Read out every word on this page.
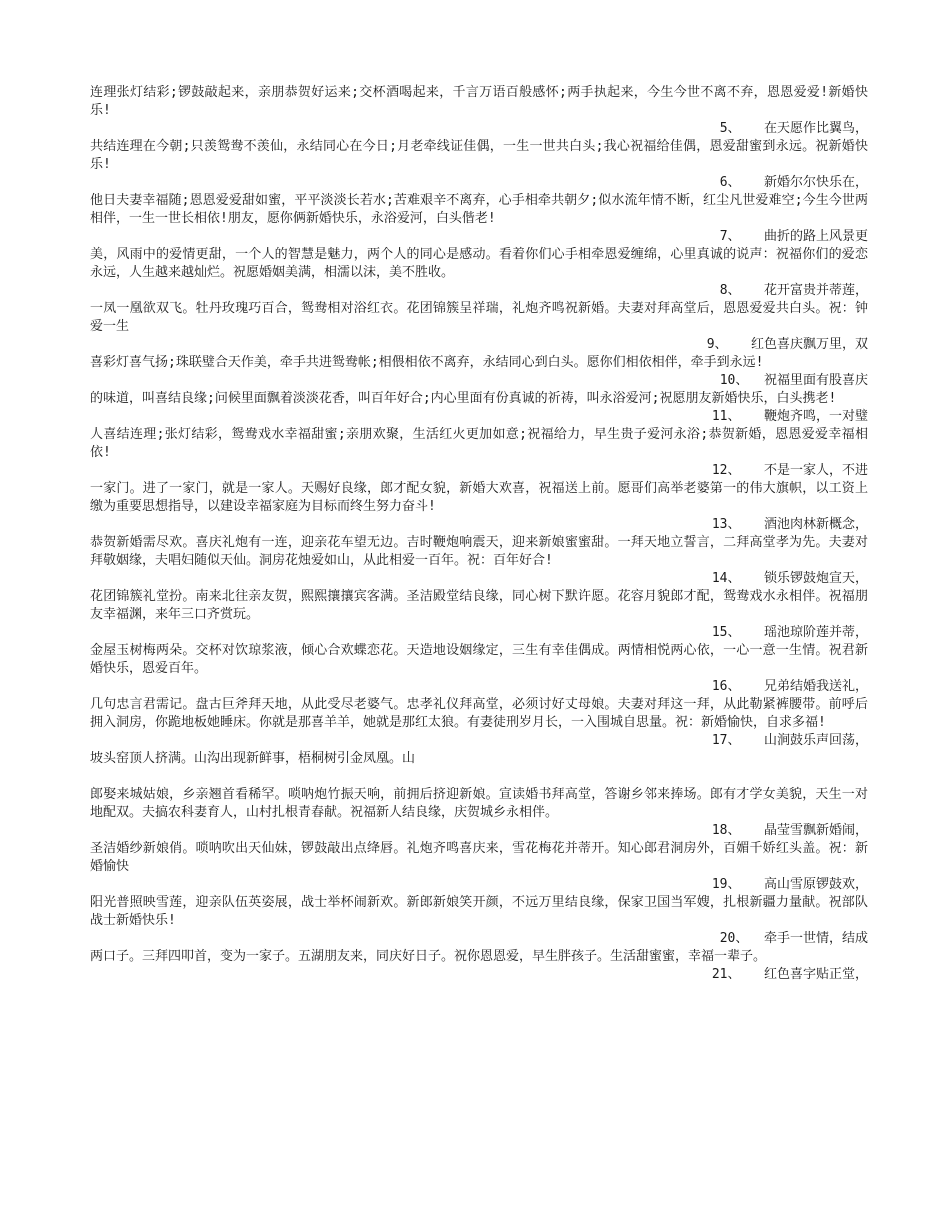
连理张灯结彩;锣鼓敲起来，亲朋恭贺好运来;交杯酒喝起来，千言万语百般感怀;两手执起来，今生今世不离不弃，恩恩爱爱!新婚快乐!

5、   在天愿作比翼鸟，

共结连理在今朝;只羡鸳鸯不羡仙，永结同心在今日;月老牵线证佳偶，一生一世共白头;我心祝福给佳偶，恩爱甜蜜到永远。祝新婚快乐!

6、   新婚尔尔快乐在，

他日夫妻幸福随;恩恩爱爱甜如蜜，平平淡淡长若水;苦难艰辛不离弃，心手相牵共朝夕;似水流年情不断，红尘凡世爱难空;今生今世两相伴，一生一世长相依!朋友，愿你俩新婚快乐，永浴爱河，白头偕老!

7、   曲折的路上风景更

美，风雨中的爱情更甜，一个人的智慧是魅力，两个人的同心是感动。看着你们心手相牵恩爱缠绵，心里真诚的说声：祝福你们的爱恋永远，人生越来越灿烂。祝愿婚姻美满，相濡以沫，美不胜收。

8、   花开富贵并蒂莲，

一凤一凰欲双飞。牡丹玫瑰巧百合，鸳鸯相对浴红衣。花团锦簇呈祥瑞，礼炮齐鸣祝新婚。夫妻对拜高堂后，恩恩爱爱共白头。祝：钟爱一生

9、   红色喜庆飘万里，双

喜彩灯喜气扬;珠联璧合天作美，牵手共进鸳鸯帐;相偎相依不离弃，永结同心到白头。愿你们相依相伴，牵手到永远!

10、  祝福里面有股喜庆

的味道，叫喜结良缘;问候里面飘着淡淡花香，叫百年好合;内心里面有份真诚的祈祷，叫永浴爱河;祝愿朋友新婚快乐，白头携老!

11、   鞭炮齐鸣，一对璧

人喜结连理;张灯结彩，鸳鸯戏水幸福甜蜜;亲朋欢聚，生活红火更加如意;祝福给力，早生贵子爱河永浴;恭贺新婚，恩恩爱爱幸福相依!

12、   不是一家人，不进

一家门。进了一家门，就是一家人。天赐好良缘，郎才配女貌，新婚大欢喜，祝福送上前。愿哥们高举老婆第一的伟大旗帜，以工资上缴为重要思想指导，以建设幸福家庭为目标而终生努力奋斗!

13、   酒池肉林新概念，

恭贺新婚需尽欢。喜庆礼炮有一连，迎亲花车望无边。吉时鞭炮响震天，迎来新娘蜜蜜甜。一拜天地立誓言，二拜高堂孝为先。夫妻对拜敬姻缘，夫唱妇随似天仙。洞房花烛爱如山，从此相爱一百年。祝：百年好合!

14、   锁乐锣鼓炮宣天，

花团锦簇礼堂扮。南来北往亲友贺，熙熙攘攘宾客满。圣洁殿堂结良缘，同心树下默许愿。花容月貌郎才配，鸳鸯戏水永相伴。祝福朋友幸福渊，来年三口齐赏玩。

15、   瑶池琼阶莲并蒂，

金屋玉树梅两朵。交杯对饮琼浆液，倾心合欢蝶恋花。天造地设姻缘定，三生有幸佳偶成。两情相悦两心依，一心一意一生情。祝君新婚快乐，恩爱百年。

16、   兄弟结婚我送礼，

几句忠言君需记。盘古巨斧拜天地，从此受尽老婆气。忠孝礼仪拜高堂，必须讨好丈母娘。夫妻对拜这一拜，从此勒紧裤腰带。前呼后拥入洞房，你跪地板她睡床。你就是那喜羊羊，她就是那红太狼。有妻徒刑岁月长，一入围城自思量。祝：新婚愉快，自求多福!

17、   山涧鼓乐声回荡，

坡头窑顶人挤满。山沟出现新鲜事，梧桐树引金凤凰。山

郎娶来城姑娘，乡亲翘首看稀罕。唢呐炮竹振天响，前拥后挤迎新娘。宣读婚书拜高堂，答谢乡邻来捧场。郎有才学女美貌，天生一对地配双。夫搞农科妻育人，山村扎根青春献。祝福新人结良缘，庆贺城乡永相伴。

18、   晶莹雪飘新婚闹，

圣洁婚纱新娘俏。唢呐吹出天仙妹，锣鼓敲出点绛唇。礼炮齐鸣喜庆来，雪花梅花并蒂开。知心郎君洞房外，百媚千娇红头盖。祝：新婚愉快

19、   高山雪原锣鼓欢，

阳光普照映雪莲，迎亲队伍英姿展，战士举杯闹新欢。新郎新娘笑开颜，不远万里结良缘，保家卫国当军嫂，扎根新疆力量献。祝部队战士新婚快乐!

20、  牵手一世情，结成

两口子。三拜四叩首，变为一家子。五湖朋友来，同庆好日子。祝你恩恩爱，早生胖孩子。生活甜蜜蜜，幸福一辈子。

21、   红色喜字贴正堂，
